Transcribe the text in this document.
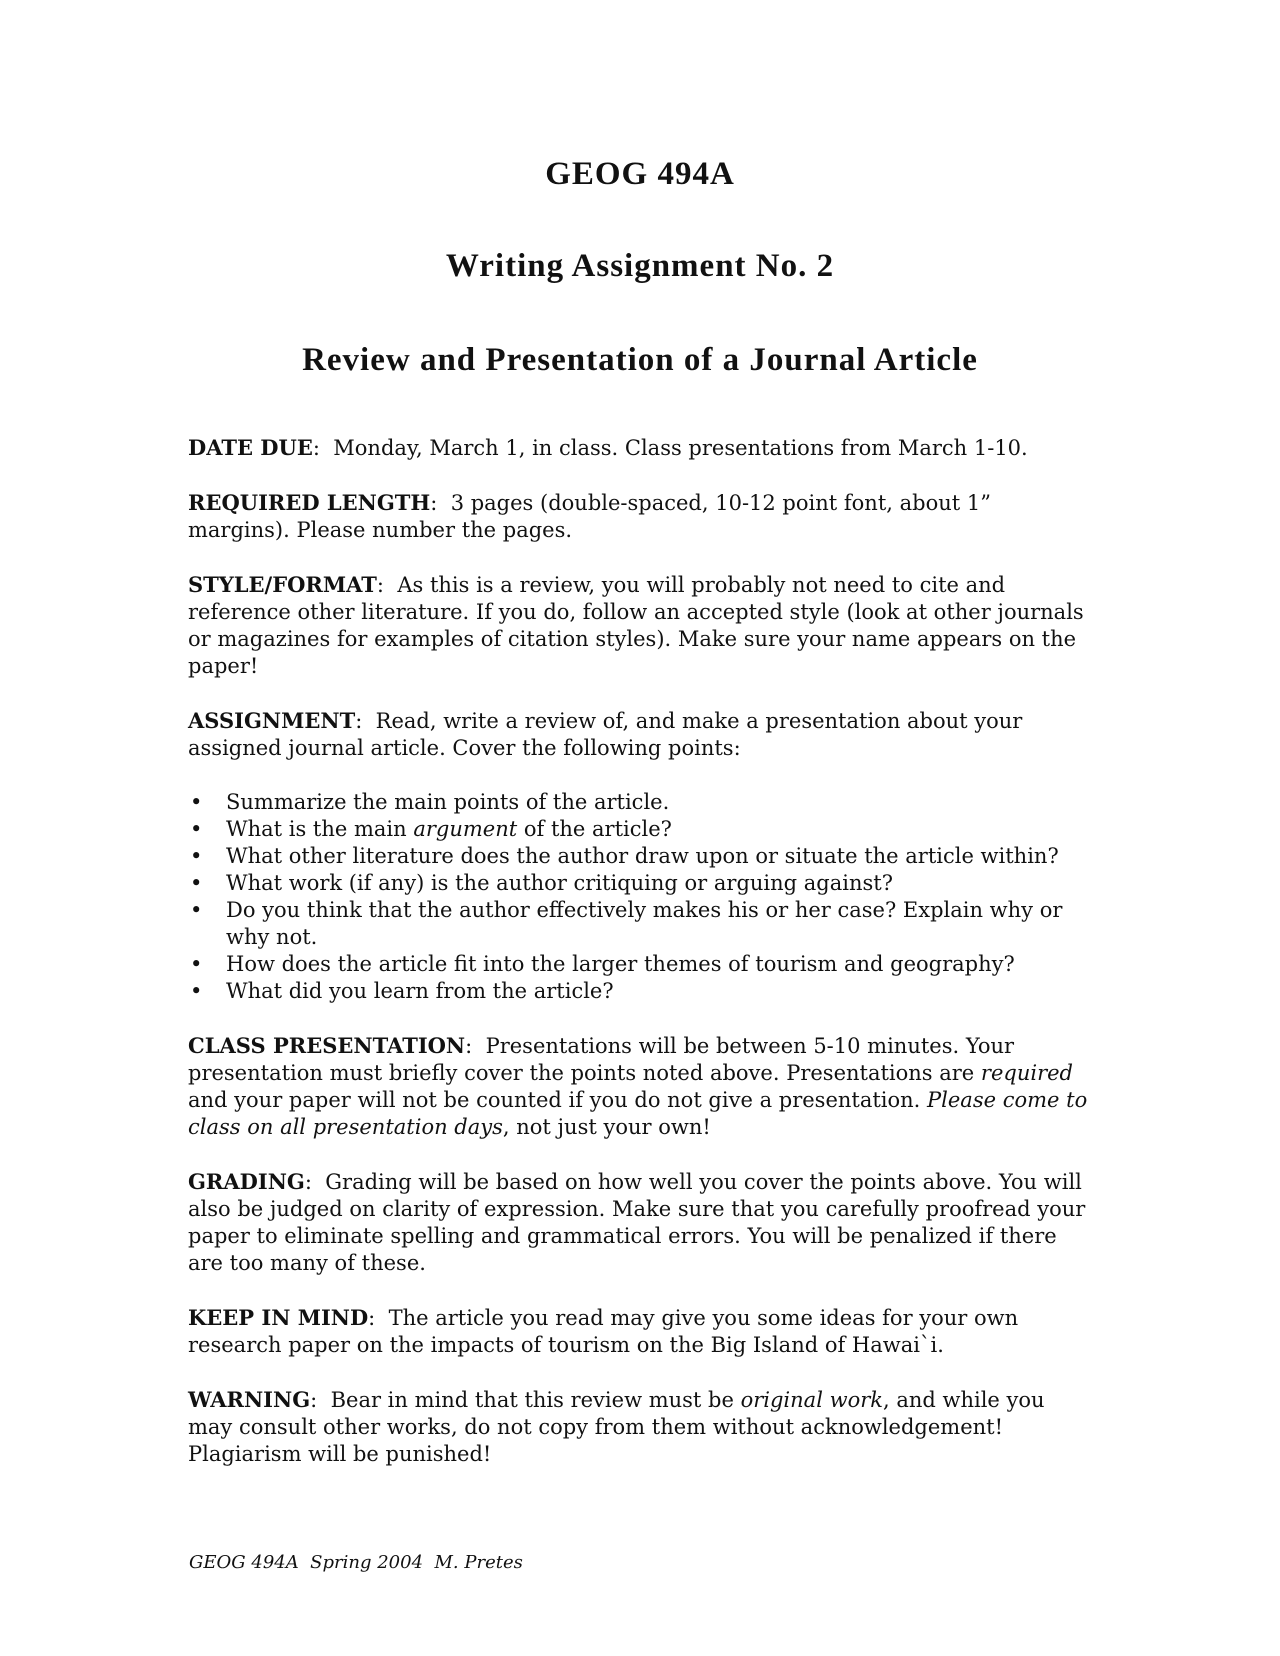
GEOG 494A
Writing Assignment No. 2
Review and Presentation of a Journal Article

DATE DUE: Monday, March 1, in class. Class presentations from March 1-10.

REQUIRED LENGTH: 3 pages (double-spaced, 10-12 point font, about 1” margins). Please number the pages.

STYLE/FORMAT: As this is a review, you will probably not need to cite and reference other literature. If you do, follow an accepted style (look at other journals or magazines for examples of citation styles). Make sure your name appears on the paper!

ASSIGNMENT: Read, write a review of, and make a presentation about your assigned journal article. Cover the following points:

• Summarize the main points of the article.
• What is the main argument of the article?
• What other literature does the author draw upon or situate the article within?
• What work (if any) is the author critiquing or arguing against?
• Do you think that the author effectively makes his or her case? Explain why or why not.
• How does the article fit into the larger themes of tourism and geography?
• What did you learn from the article?

CLASS PRESENTATION: Presentations will be between 5-10 minutes. Your presentation must briefly cover the points noted above. Presentations are required and your paper will not be counted if you do not give a presentation. Please come to class on all presentation days, not just your own!

GRADING: Grading will be based on how well you cover the points above. You will also be judged on clarity of expression. Make sure that you carefully proofread your paper to eliminate spelling and grammatical errors. You will be penalized if there are too many of these.

KEEP IN MIND: The article you read may give you some ideas for your own research paper on the impacts of tourism on the Big Island of Hawai`i.

WARNING: Bear in mind that this review must be original work, and while you may consult other works, do not copy from them without acknowledgement! Plagiarism will be punished!

GEOG 494A  Spring 2004  M. Pretes
